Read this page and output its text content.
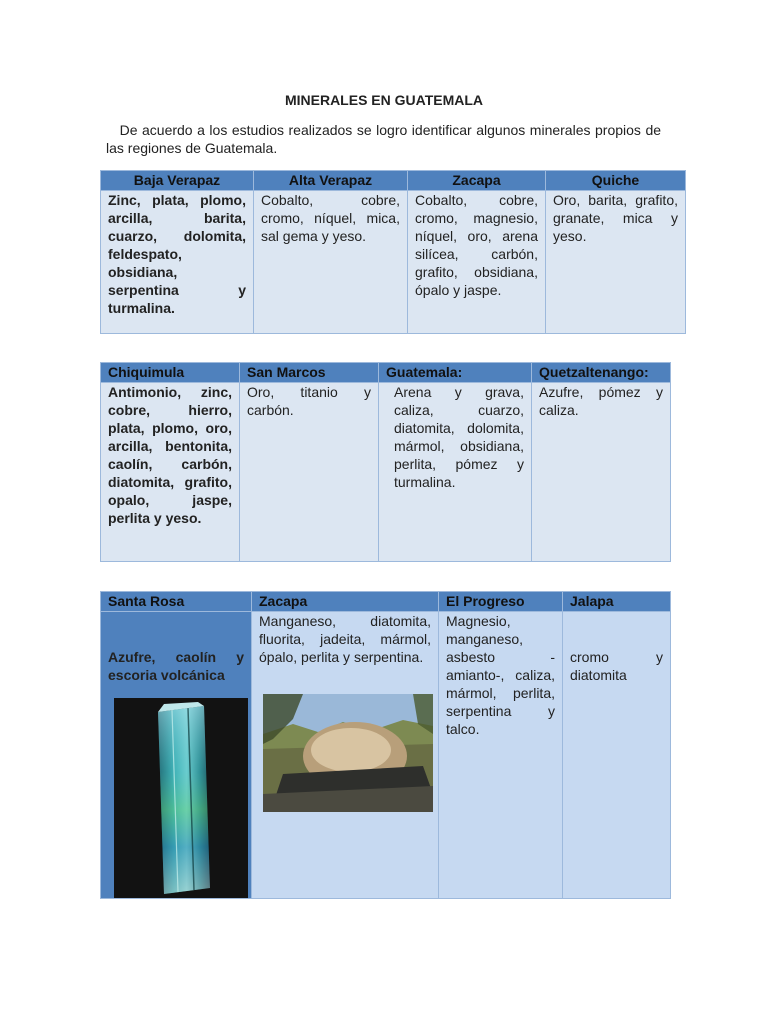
MINERALES EN GUATEMALA
De acuerdo a los estudios realizados se logro identificar algunos minerales propios de las regiones de Guatemala.
Baja Verapaz	Alta Verapaz	Zacapa	Quiche
Zinc, plata, plomo, arcilla, barita, cuarzo, dolomita, feldespato, obsidiana, serpentina y turmalina.	Cobalto, cobre, cromo, níquel, mica, sal gema y yeso.	Cobalto, cobre, cromo, magnesio, níquel, oro, arena silícea, carbón, grafito, obsidiana, ópalo y jaspe.	Oro, barita, grafito, granate, mica y yeso.
Chiquimula	San Marcos	Guatemala:	Quetzaltenango:
Antimonio, zinc, cobre, hierro, plata, plomo, oro, arcilla, bentonita, caolín, carbón, diatomita, grafito, opalo, jaspe, perlita y yeso.	Oro, titanio y carbón.	Arena y grava, caliza, cuarzo, diatomita, dolomita, mármol, obsidiana, perlita, pómez y turmalina.	Azufre, pómez y caliza.
Santa Rosa	Zacapa	El Progreso	Jalapa

Azufre, caolín y escoria volcánica	Manganeso, diatomita, fluorita, jadeita, mármol, ópalo, perlita y serpentina.	Magnesio, manganeso, asbesto -amianto-, caliza, mármol, perlita, serpentina y talco.	cromo y diatomita
